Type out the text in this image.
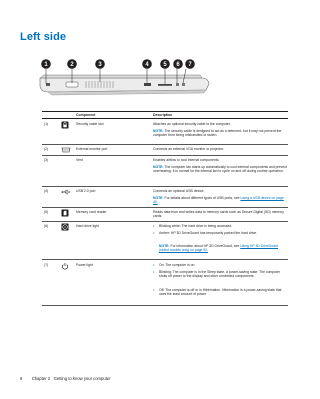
Left side
1	2	3	4 5 6 7
Component	Description
(1)	Security cable slot	Attaches an optional security cable to the computer.
NOTE: The security cable is designed to act as a deterrent, but it may not prevent the computer from being mishandled or stolen.
(2)	External monitor port	Connects an external VGA monitor or projector.
(3)	Vent	Enables airflow to cool internal components.
NOTE: The computer fan starts up automatically to cool internal components and prevent overheating. It is normal for the internal fan to cycle on and off during routine operation.
(4)	USB 2.0 port	Connects an optional USB device.
NOTE: For details about different types of USB ports, see Using a USB device on page 46.
(5)	Memory card reader	Reads data from and writes data to memory cards such as Secure Digital (SD) memory cards.
(6)	Hard drive light	• Blinking white: The hard drive is being accessed.
• Amber: HP 3D DriveGuard has temporarily parked the hard drive.
NOTE: For information about HP 3D DriveGuard, see Using HP 3D DriveGuard (select models only) on page 52.
(7)	Power light	• On: The computer is on.
• Blinking: The computer is in the Sleep state, a power-saving state. The computer shuts off power to the display and other unneeded components.
• Off: The computer is off or in Hibernation. Hibernation is a power-saving state that uses the least amount of power.
6 Chapter 2   Getting to know your computer
